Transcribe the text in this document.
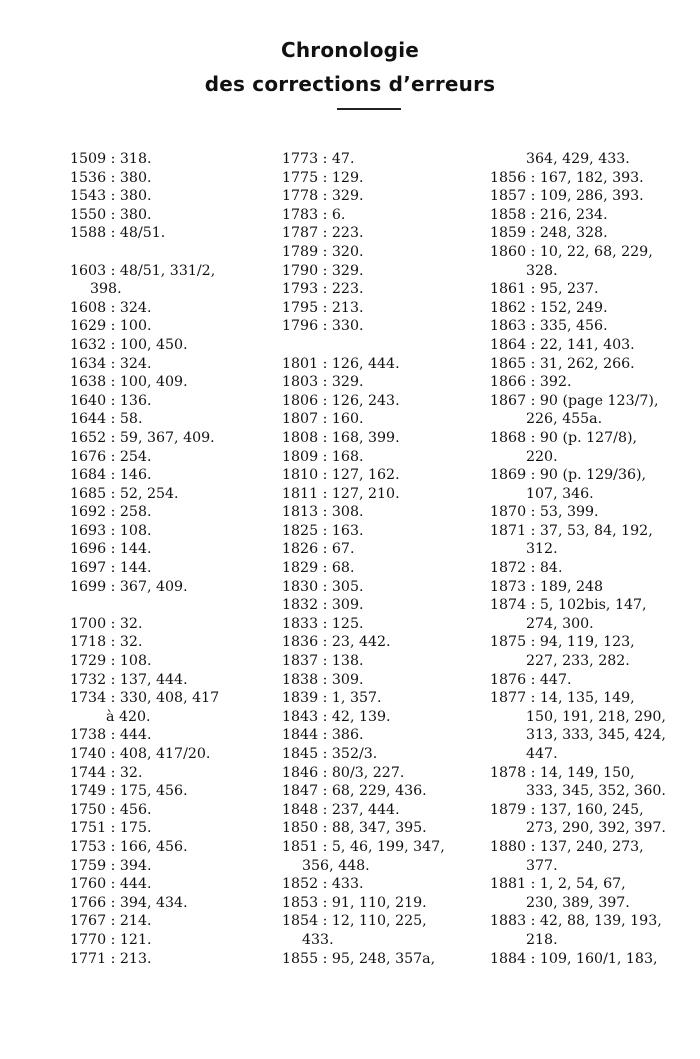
Chronologie
des corrections d’erreurs
1509 : 318.
1536 : 380.
1543 : 380.
1550 : 380.
1588 : 48/51.
1603 : 48/51, 331/2,
398.
1608 : 324.
1629 : 100.
1632 : 100, 450.
1634 : 324.
1638 : 100, 409.
1640 : 136.
1644 : 58.
1652 : 59, 367, 409.
1676 : 254.
1684 : 146.
1685 : 52, 254.
1692 : 258.
1693 : 108.
1696 : 144.
1697 : 144.
1699 : 367, 409.
1700 : 32.
1718 : 32.
1729 : 108.
1732 : 137, 444.
1734 : 330, 408, 417
à 420.
1738 : 444.
1740 : 408, 417/20.
1744 : 32.
1749 : 175, 456.
1750 : 456.
1751 : 175.
1753 : 166, 456.
1759 : 394.
1760 : 444.
1766 : 394, 434.
1767 : 214.
1770 : 121.
1771 : 213.
1773 : 47.
1775 : 129.
1778 : 329.
1783 : 6.
1787 : 223.
1789 : 320.
1790 : 329.
1793 : 223.
1795 : 213.
1796 : 330.
1801 : 126, 444.
1803 : 329.
1806 : 126, 243.
1807 : 160.
1808 : 168, 399.
1809 : 168.
1810 : 127, 162.
1811 : 127, 210.
1813 : 308.
1825 : 163.
1826 : 67.
1829 : 68.
1830 : 305.
1832 : 309.
1833 : 125.
1836 : 23, 442.
1837 : 138.
1838 : 309.
1839 : 1, 357.
1843 : 42, 139.
1844 : 386.
1845 : 352/3.
1846 : 80/3, 227.
1847 : 68, 229, 436.
1848 : 237, 444.
1850 : 88, 347, 395.
1851 : 5, 46, 199, 347,
356, 448.
1852 : 433.
1853 : 91, 110, 219.
1854 : 12, 110, 225,
433.
1855 : 95, 248, 357a,
364, 429, 433.
1856 : 167, 182, 393.
1857 : 109, 286, 393.
1858 : 216, 234.
1859 : 248, 328.
1860 : 10, 22, 68, 229,
328.
1861 : 95, 237.
1862 : 152, 249.
1863 : 335, 456.
1864 : 22, 141, 403.
1865 : 31, 262, 266.
1866 : 392.
1867 : 90 (page 123/7),
226, 455a.
1868 : 90 (p. 127/8),
220.
1869 : 90 (p. 129/36),
107, 346.
1870 : 53, 399.
1871 : 37, 53, 84, 192,
312.
1872 : 84.
1873 : 189, 248
1874 : 5, 102bis, 147,
274, 300.
1875 : 94, 119, 123,
227, 233, 282.
1876 : 447.
1877 : 14, 135, 149,
150, 191, 218, 290,
313, 333, 345, 424,
447.
1878 : 14, 149, 150,
333, 345, 352, 360.
1879 : 137, 160, 245,
273, 290, 392, 397.
1880 : 137, 240, 273,
377.
1881 : 1, 2, 54, 67,
230, 389, 397.
1883 : 42, 88, 139, 193,
218.
1884 : 109, 160/1, 183,
